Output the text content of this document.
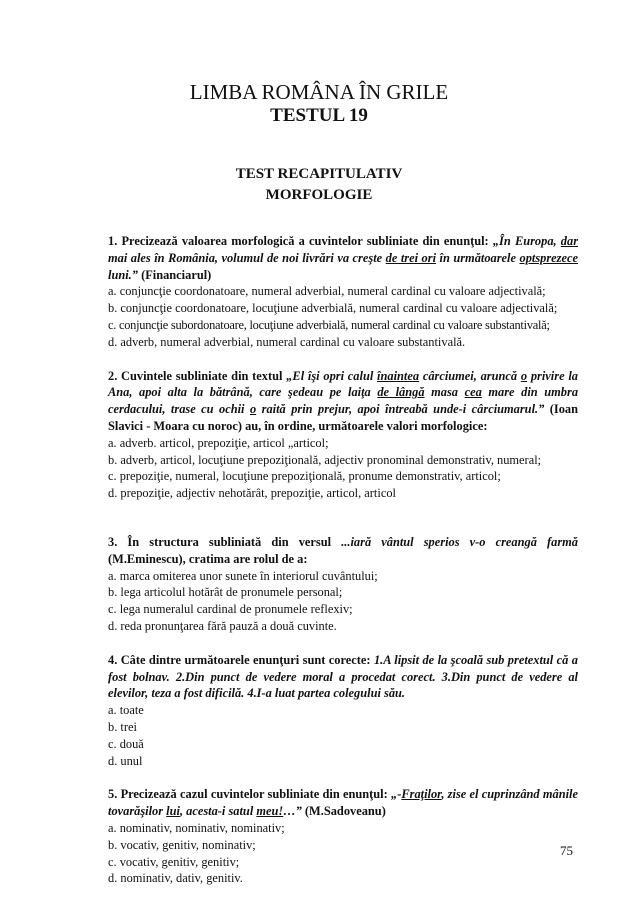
LIMBA ROMÂNA ÎN GRILE
TESTUL 19
TEST RECAPITULATIV
MORFOLOGIE
1. Precizează valoarea morfologică a cuvintelor subliniate din enunţul: „Ȋn Europa, dar mai ales în România, volumul de noi livrări va creşte de trei ori în următoarele optsprezece luni.” (Financiarul)
a. conjuncţie coordonatoare, numeral adverbial, numeral cardinal cu valoare adjectivală;
b. conjuncţie coordonatoare, locuţiune adverbială, numeral cardinal cu valoare adjectivală;
c. conjuncţie subordonatoare, locuţiune adverbială, numeral cardinal cu valoare substantivală;
d. adverb, numeral adverbial, numeral cardinal cu valoare substantivală.
2. Cuvintele subliniate din textul „El îşi opri calul înaintea cârciumei, aruncă o privire la Ana, apoi alta la bătrână, care şedeau pe laiţa de lângă masa cea mare din umbra cerdacului, trase cu ochii o raită prin prejur, apoi întreabă unde-i cârciumarul.” (Ioan Slavici - Moara cu noroc) au, în ordine, următoarele valori morfologice:
a. adverb. articol, prepoziţie, articol „articol;
b. adverb, articol, locuţiune prepoziţională, adjectiv pronominal demonstrativ, numeral;
c. prepoziţie, numeral, locuţiune prepoziţională, pronume demonstrativ, articol;
d. prepoziţie, adjectiv nehotărât, prepoziţie, articol, articol
3. În structura subliniată din versul ...iară vântul sperios v-o creangă farmă (M.Eminescu), cratima are rolul de a:
a. marca omiterea unor sunete în interiorul cuvântului;
b. lega articolul hotărât de pronumele personal;
c. lega numeralul cardinal de pronumele reflexiv;
d. reda pronunţarea fără pauză a două cuvinte.
4. Câte dintre următoarele enunţuri sunt corecte: 1.A lipsit de la şcoală sub pretextul că a fost bolnav. 2.Din punct de vedere moral a procedat corect. 3.Din punct de vedere al elevilor, teza a fost dificilă. 4.I-a luat partea colegului său.
a. toate
b. trei
c. două
d. unul
5. Precizează cazul cuvintelor subliniate din enunţul: „-Fraţilor, zise el cuprinzând mânile tovarăşilor lui, acesta-i satul meu!…” (M.Sadoveanu)
a. nominativ, nominativ, nominativ;
b. vocativ, genitiv, nominativ;
c. vocativ, genitiv, genitiv;
d. nominativ, dativ, genitiv.
75
